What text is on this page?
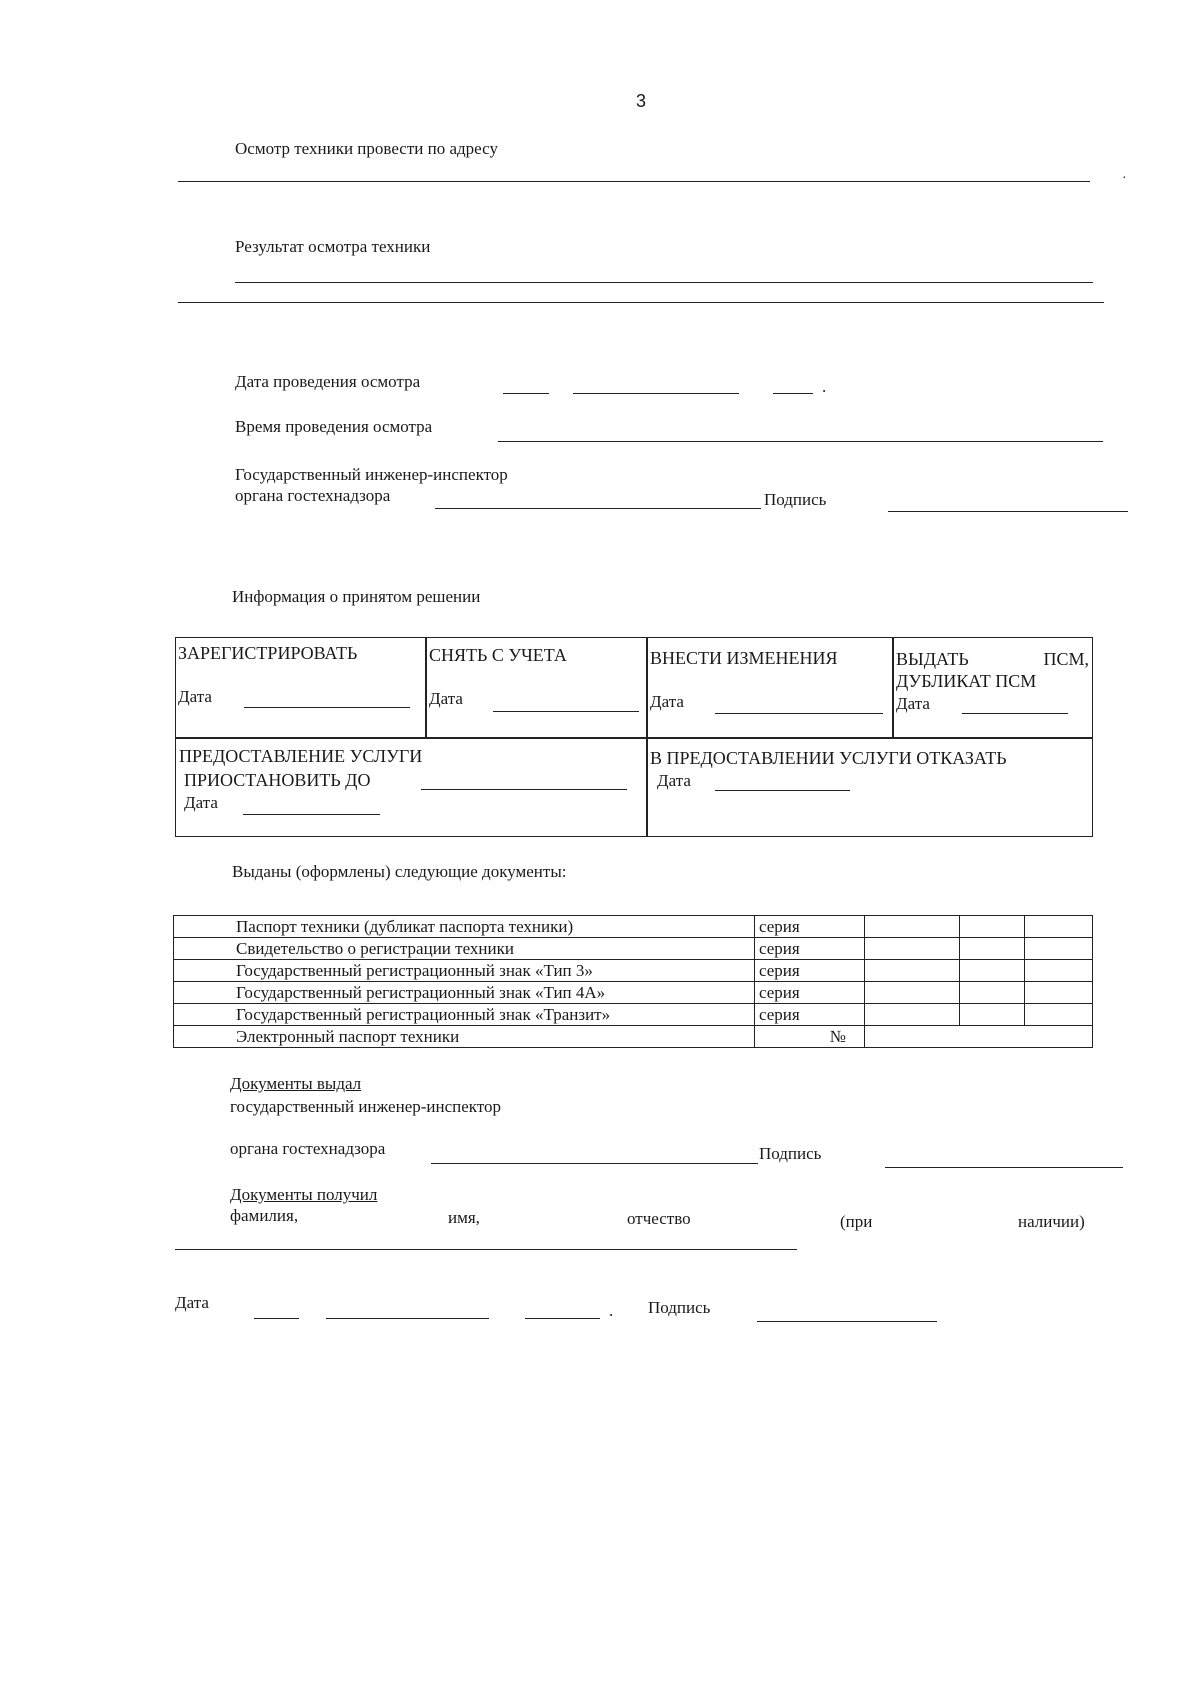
3
Осмотр техники провести по адресу
·
Результат осмотра техники
Дата проведения осмотра	.
Время проведения осмотра
Государственный инженер-инспектор
органа гостехнадзора	Подпись
Информация о принятом решении
ЗАРЕГИСТРИРОВАТЬ
Дата
СНЯТЬ С УЧЕТА
Дата
ВНЕСТИ ИЗМЕНЕНИЯ
Дата
ВЫДАТЬ	ПСМ,
ДУБЛИКАТ ПСМ
Дата
ПРЕДОСТАВЛЕНИЕ УСЛУГИ
ПРИОСТАНОВИТЬ ДО
Дата
В ПРЕДОСТАВЛЕНИИ УСЛУГИ ОТКАЗАТЬ
Дата
Выданы (оформлены) следующие документы:
Паспорт техники (дубликат паспорта техники)	серия			
Свидетельство о регистрации техники	серия			
Государственный регистрационный знак «Тип 3»	серия			
Государственный регистрационный знак «Тип 4А»	серия			
Государственный регистрационный знак «Транзит»	серия			
Электронный паспорт техники	№			
Документы выдал
государственный инженер-инспектор
органа гостехнадзора	Подпись
Документы получил
фамилия,	имя,	отчество	(при	наличии)
Дата	. Подпись
